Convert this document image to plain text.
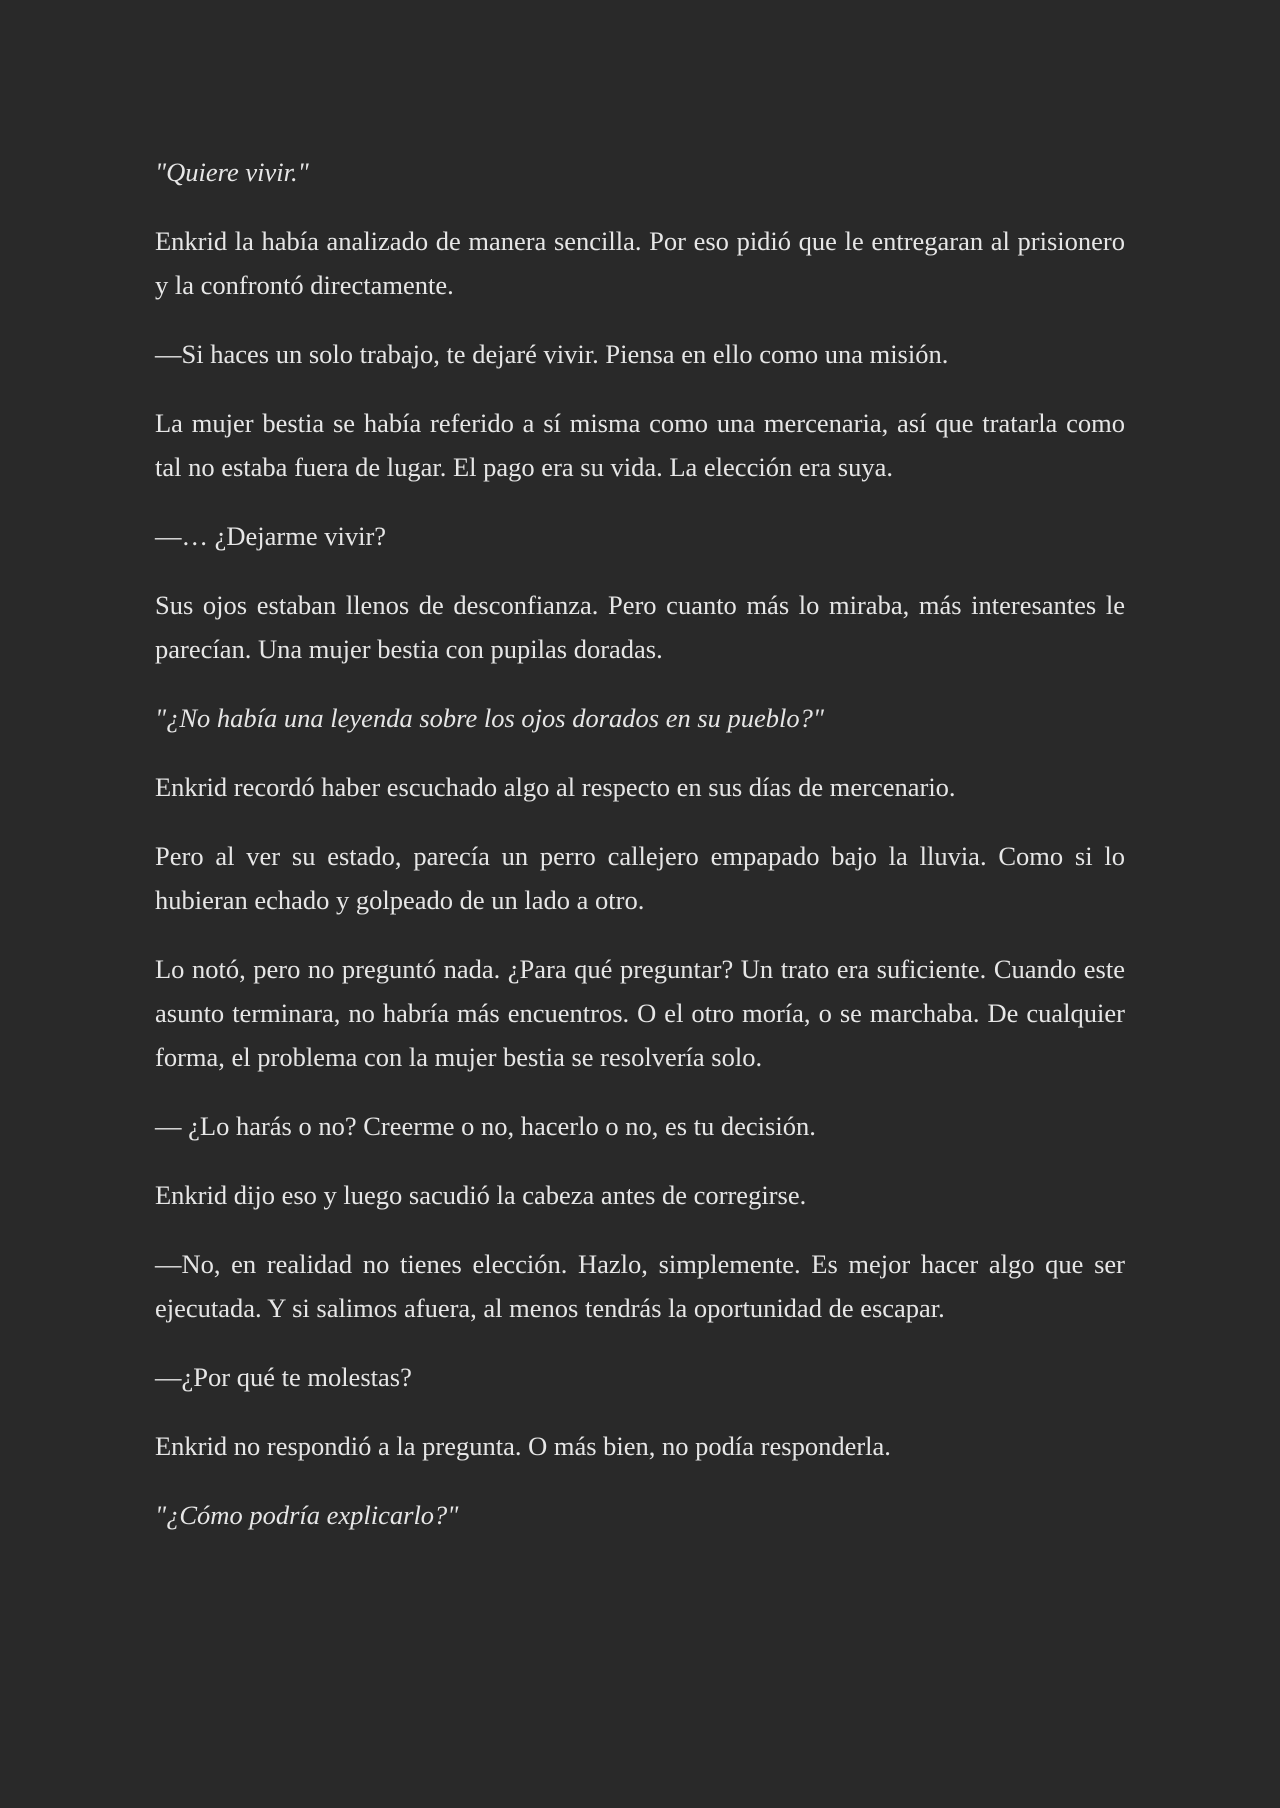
"Quiere vivir."

Enkrid la había analizado de manera sencilla. Por eso pidió que le entregaran al prisionero y la confrontó directamente.

—Si haces un solo trabajo, te dejaré vivir. Piensa en ello como una misión.

La mujer bestia se había referido a sí misma como una mercenaria, así que tratarla como tal no estaba fuera de lugar. El pago era su vida. La elección era suya.

—… ¿Dejarme vivir?

Sus ojos estaban llenos de desconfianza. Pero cuanto más lo miraba, más interesantes le parecían. Una mujer bestia con pupilas doradas.

"¿No había una leyenda sobre los ojos dorados en su pueblo?"

Enkrid recordó haber escuchado algo al respecto en sus días de mercenario.

Pero al ver su estado, parecía un perro callejero empapado bajo la lluvia. Como si lo hubieran echado y golpeado de un lado a otro.

Lo notó, pero no preguntó nada. ¿Para qué preguntar? Un trato era suficiente. Cuando este asunto terminara, no habría más encuentros. O el otro moría, o se marchaba. De cualquier forma, el problema con la mujer bestia se resolvería solo.

— ¿Lo harás o no? Creerme o no, hacerlo o no, es tu decisión.

Enkrid dijo eso y luego sacudió la cabeza antes de corregirse.

—No, en realidad no tienes elección. Hazlo, simplemente. Es mejor hacer algo que ser ejecutada. Y si salimos afuera, al menos tendrás la oportunidad de escapar.

—¿Por qué te molestas?

Enkrid no respondió a la pregunta. O más bien, no podía responderla.

"¿Cómo podría explicarlo?"
